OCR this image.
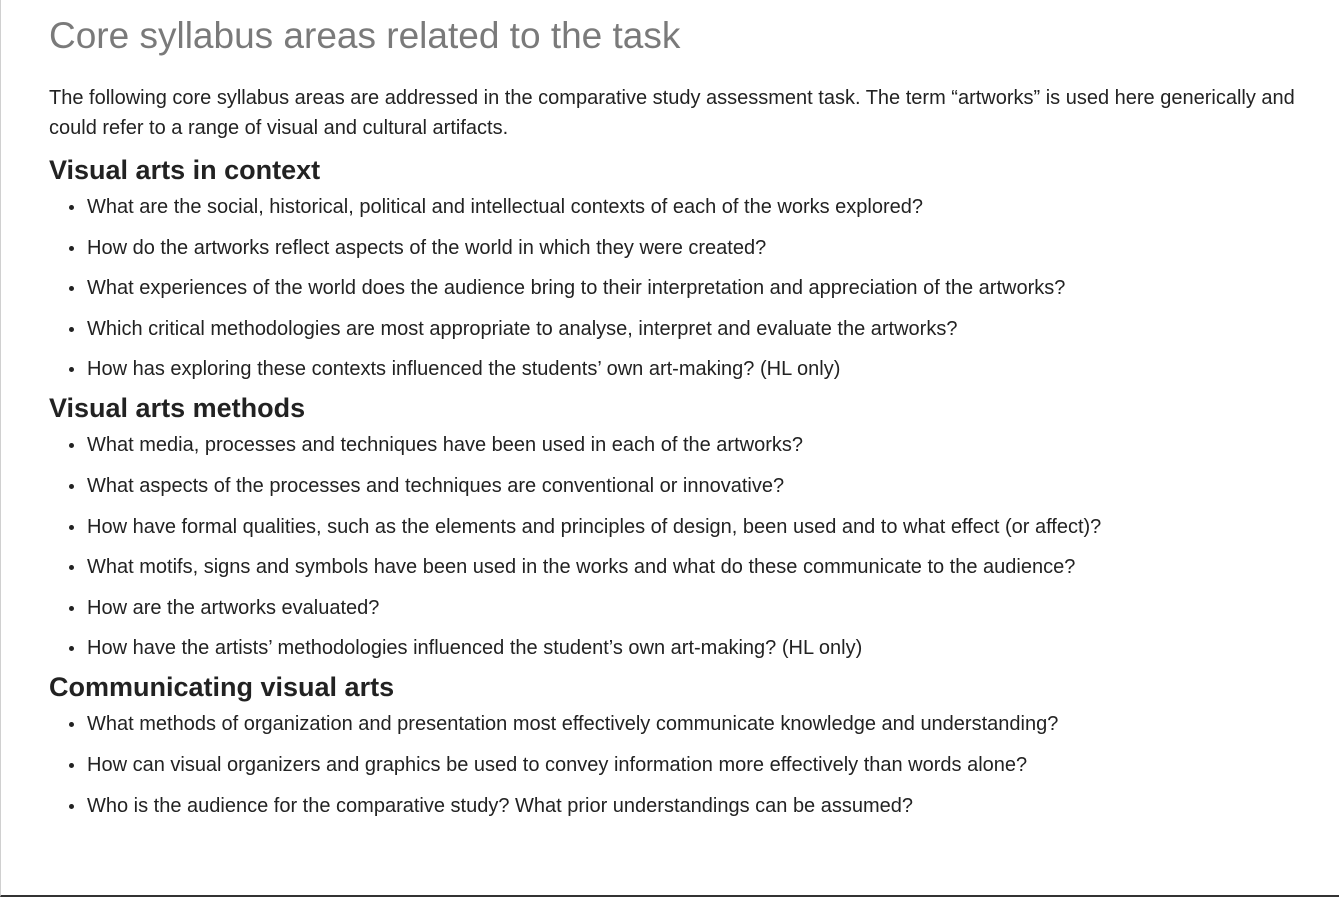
Core syllabus areas related to the task

The following core syllabus areas are addressed in the comparative study assessment task. The term “artworks” is used here generically and could refer to a range of visual and cultural artifacts.

Visual arts in context
What are the social, historical, political and intellectual contexts of each of the works explored?
How do the artworks reflect aspects of the world in which they were created?
What experiences of the world does the audience bring to their interpretation and appreciation of the artworks?
Which critical methodologies are most appropriate to analyse, interpret and evaluate the artworks?
How has exploring these contexts influenced the students’ own art-making? (HL only)
Visual arts methods
What media, processes and techniques have been used in each of the artworks?
What aspects of the processes and techniques are conventional or innovative?
How have formal qualities, such as the elements and principles of design, been used and to what effect (or affect)?
What motifs, signs and symbols have been used in the works and what do these communicate to the audience?
How are the artworks evaluated?
How have the artists’ methodologies influenced the student’s own art-making? (HL only)
Communicating visual arts
What methods of organization and presentation most effectively communicate knowledge and understanding?
How can visual organizers and graphics be used to convey information more effectively than words alone?
Who is the audience for the comparative study? What prior understandings can be assumed?
